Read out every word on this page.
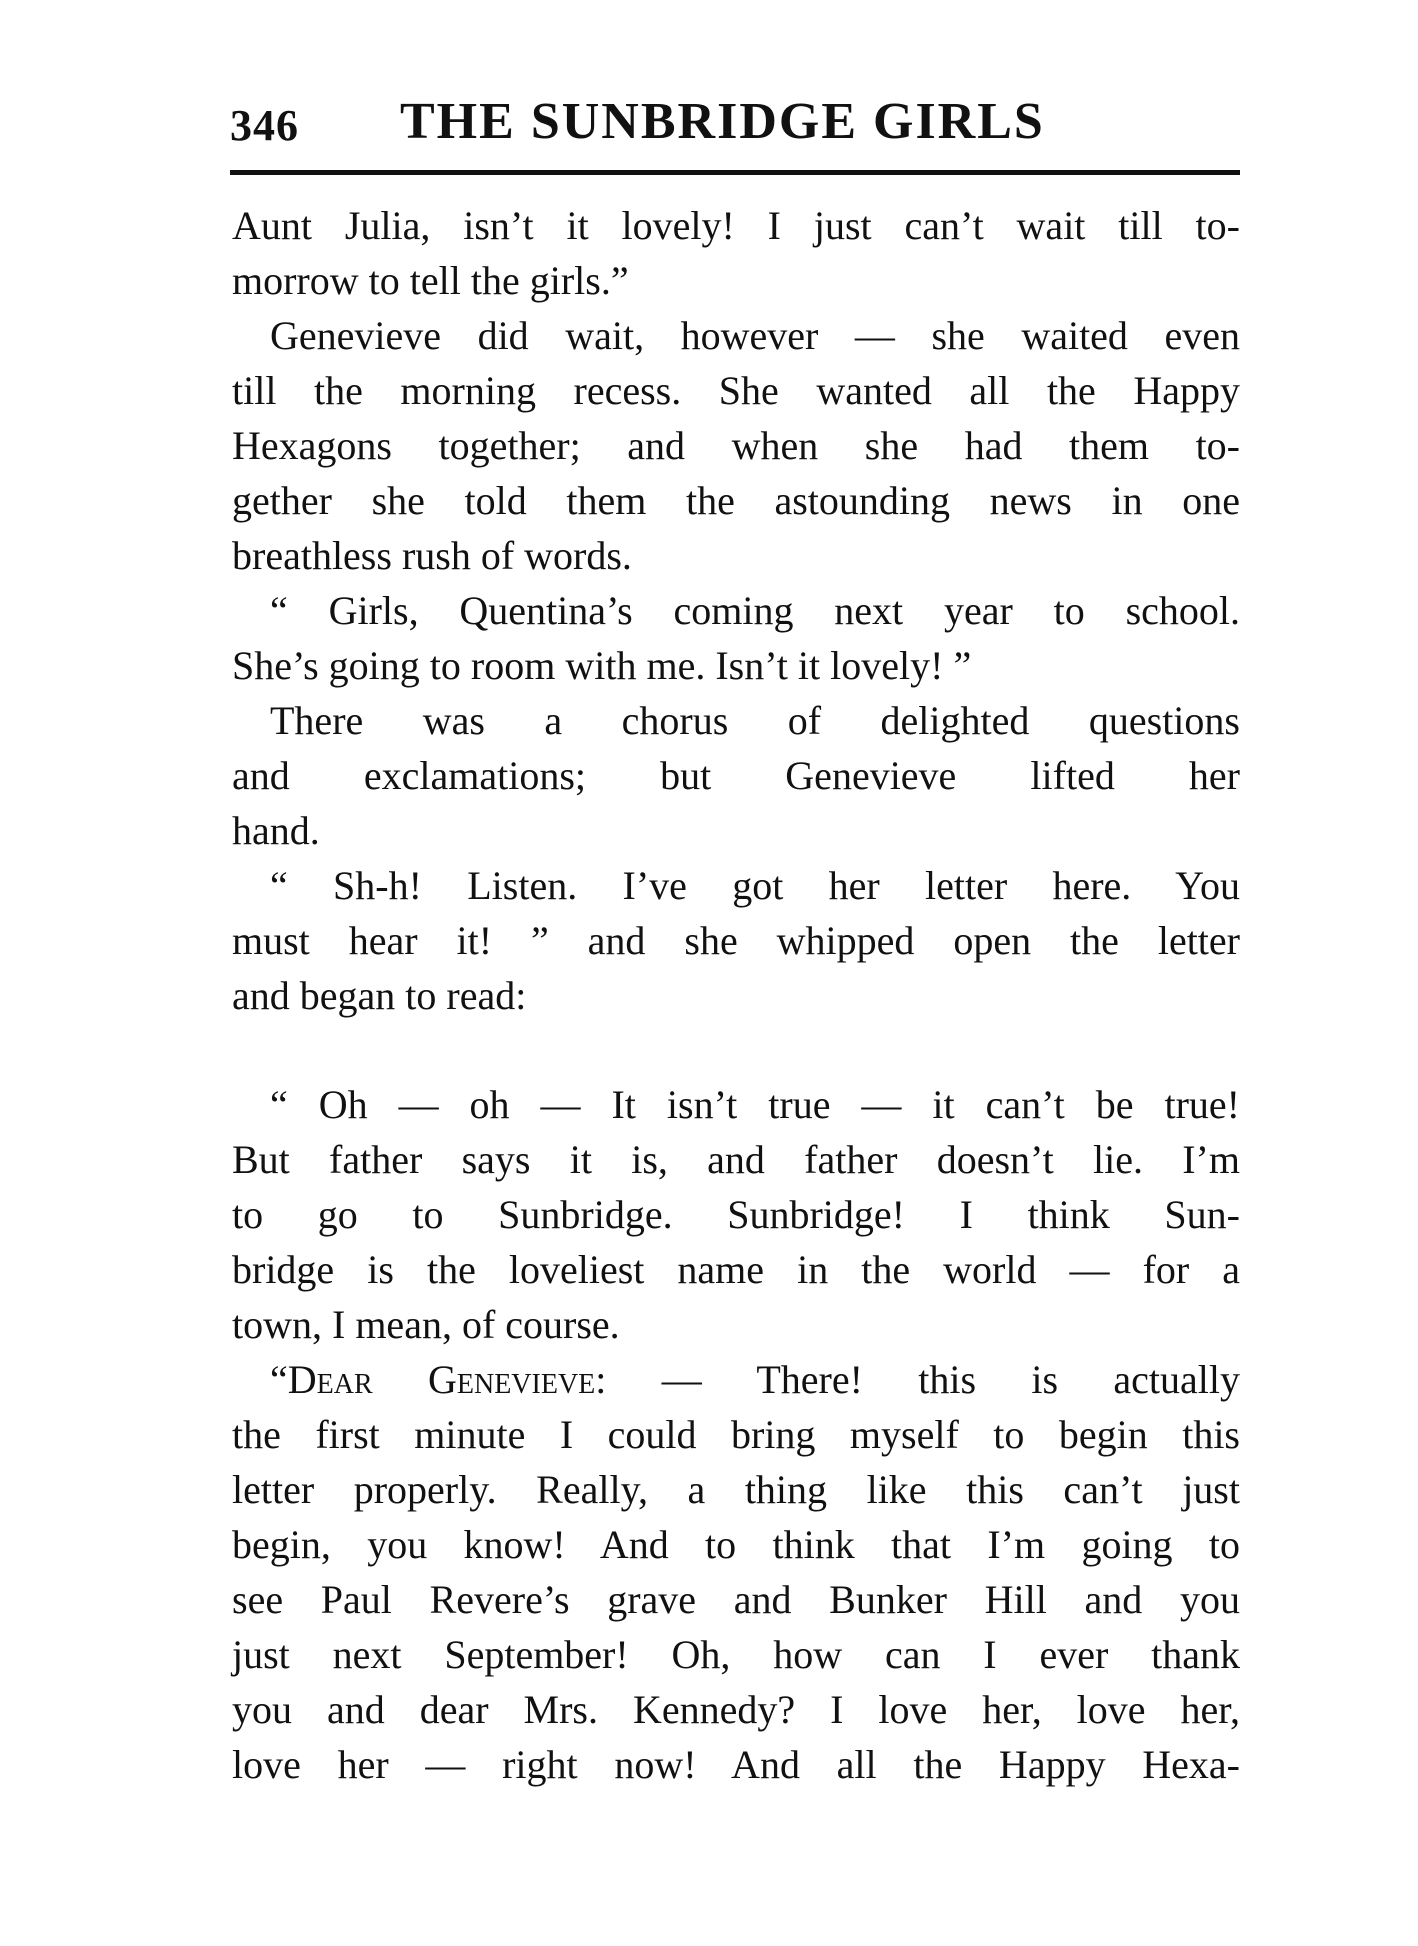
346 THE SUNBRIDGE GIRLS
Aunt Julia, isn’t it lovely! I just can’t wait till to-
morrow to tell the girls.”
Genevieve did wait, however — she waited even
till the morning recess. She wanted all the Happy
Hexagons together; and when she had them to-
gether she told them the astounding news in one
breathless rush of words.
“ Girls, Quentina’s coming next year to school.
She’s going to room with me. Isn’t it lovely! ”
There was a chorus of delighted questions
and exclamations; but Genevieve lifted her
hand.
“ Sh-h! Listen. I’ve got her letter here. You
must hear it! ” and she whipped open the letter
and began to read:
“ Oh — oh — It isn’t true — it can’t be true!
But father says it is, and father doesn’t lie. I’m
to go to Sunbridge. Sunbridge! I think Sun-
bridge is the loveliest name in the world — for a
town, I mean, of course.
“Dear Genevieve: — There! this is actually
the first minute I could bring myself to begin this
letter properly. Really, a thing like this can’t just
begin, you know! And to think that I’m going to
see Paul Revere’s grave and Bunker Hill and you
just next September! Oh, how can I ever thank
you and dear Mrs. Kennedy? I love her, love her,
love her — right now! And all the Happy Hexa-
